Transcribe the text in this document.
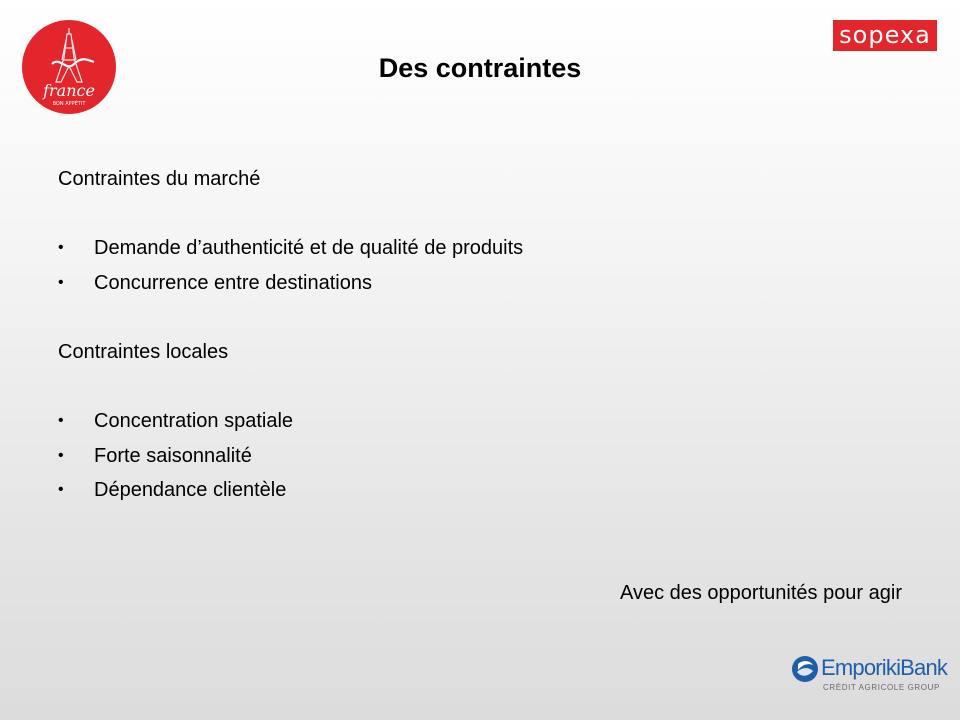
france
BON APPÉTIT
sopexa
Des contraintes
Contraintes du marché
• Demande d’authenticité et de qualité de produits
• Concurrence entre destinations
Contraintes locales
• Concentration spatiale
• Forte saisonnalité
• Dépendance clientèle
Avec des opportunités pour agir
EmporikiBank
CRÉDIT AGRICOLE GROUP
